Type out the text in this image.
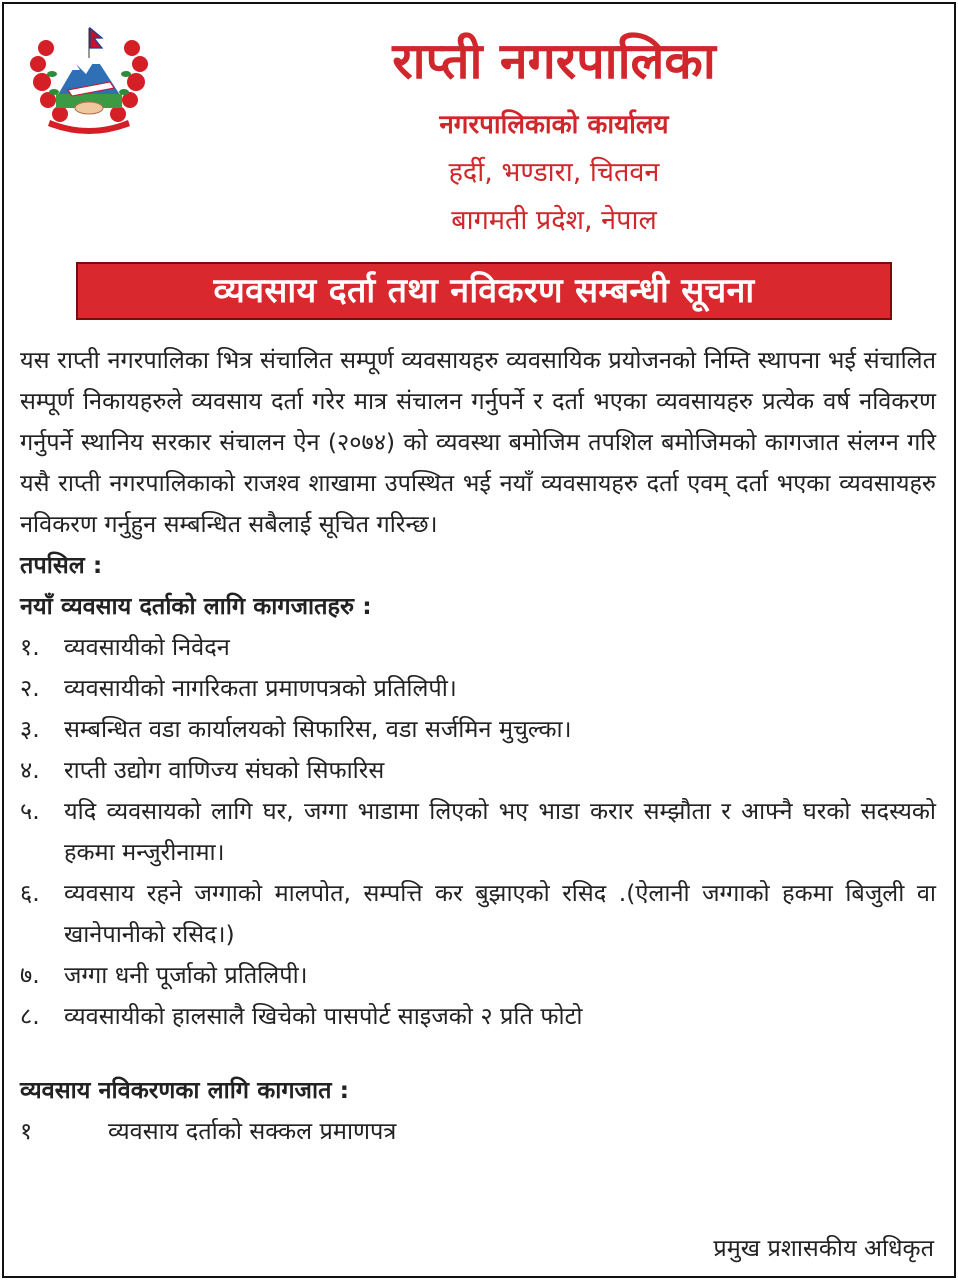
राप्ती नगरपालिका
नगरपालिकाको कार्यालय
हर्दी, भण्डारा, चितवन
बागमती प्रदेश, नेपाल
व्यवसाय दर्ता तथा नविकरण सम्बन्धी सूचना

यस राप्ती नगरपालिका भित्र संचालित सम्पूर्ण व्यवसायहरु व्यवसायिक प्रयोजनको निम्ति स्थापना भई संचालित सम्पूर्ण निकायहरुले व्यवसाय दर्ता गरेर मात्र संचालन गर्नुपर्ने र दर्ता भएका व्यवसायहरु प्रत्येक वर्ष नविकरण गर्नुपर्ने स्थानिय सरकार संचालन ऐन (२०७४) को व्यवस्था बमोजिम तपशिल बमोजिमको कागजात संलग्न गरि यसै राप्ती नगरपालिकाको राजश्व शाखामा उपस्थित भई नयाँ व्यवसायहरु दर्ता एवम् दर्ता भएका व्यवसायहरु नविकरण गर्नुहुन सम्बन्धित सबैलाई सूचित गरिन्छ।

तपसिल :

नयाँ व्यवसाय दर्ताको लागि कागजातहरु :

१.	व्यवसायीको निवेदन
२.	व्यवसायीको नागरिकता प्रमाणपत्रको प्रतिलिपी।
३.	सम्बन्धित वडा कार्यालयको सिफारिस, वडा सर्जमिन मुचुल्का।
४.	राप्ती उद्योग वाणिज्य संघको सिफारिस
५.	यदि व्यवसायको लागि घर, जग्गा भाडामा लिएको भए भाडा करार सम्झौता र आफ्नै घरको सदस्यको हकमा मन्जुरीनामा।
६.	व्यवसाय रहने जग्गाको मालपोत, सम्पत्ति कर बुझाएको रसिद .(ऐलानी जग्गाको हकमा बिजुली वा खानेपानीको रसिद।)
७.	जग्गा धनी पूर्जाको प्रतिलिपी।
८.	व्यवसायीको हालसालै खिचेको पासपोर्ट साइजको २ प्रति फोटो

व्यवसाय नविकरणका लागि कागजात :

१	व्यवसाय दर्ताको सक्कल प्रमाणपत्र
प्रमुख प्रशासकीय अधिकृत
